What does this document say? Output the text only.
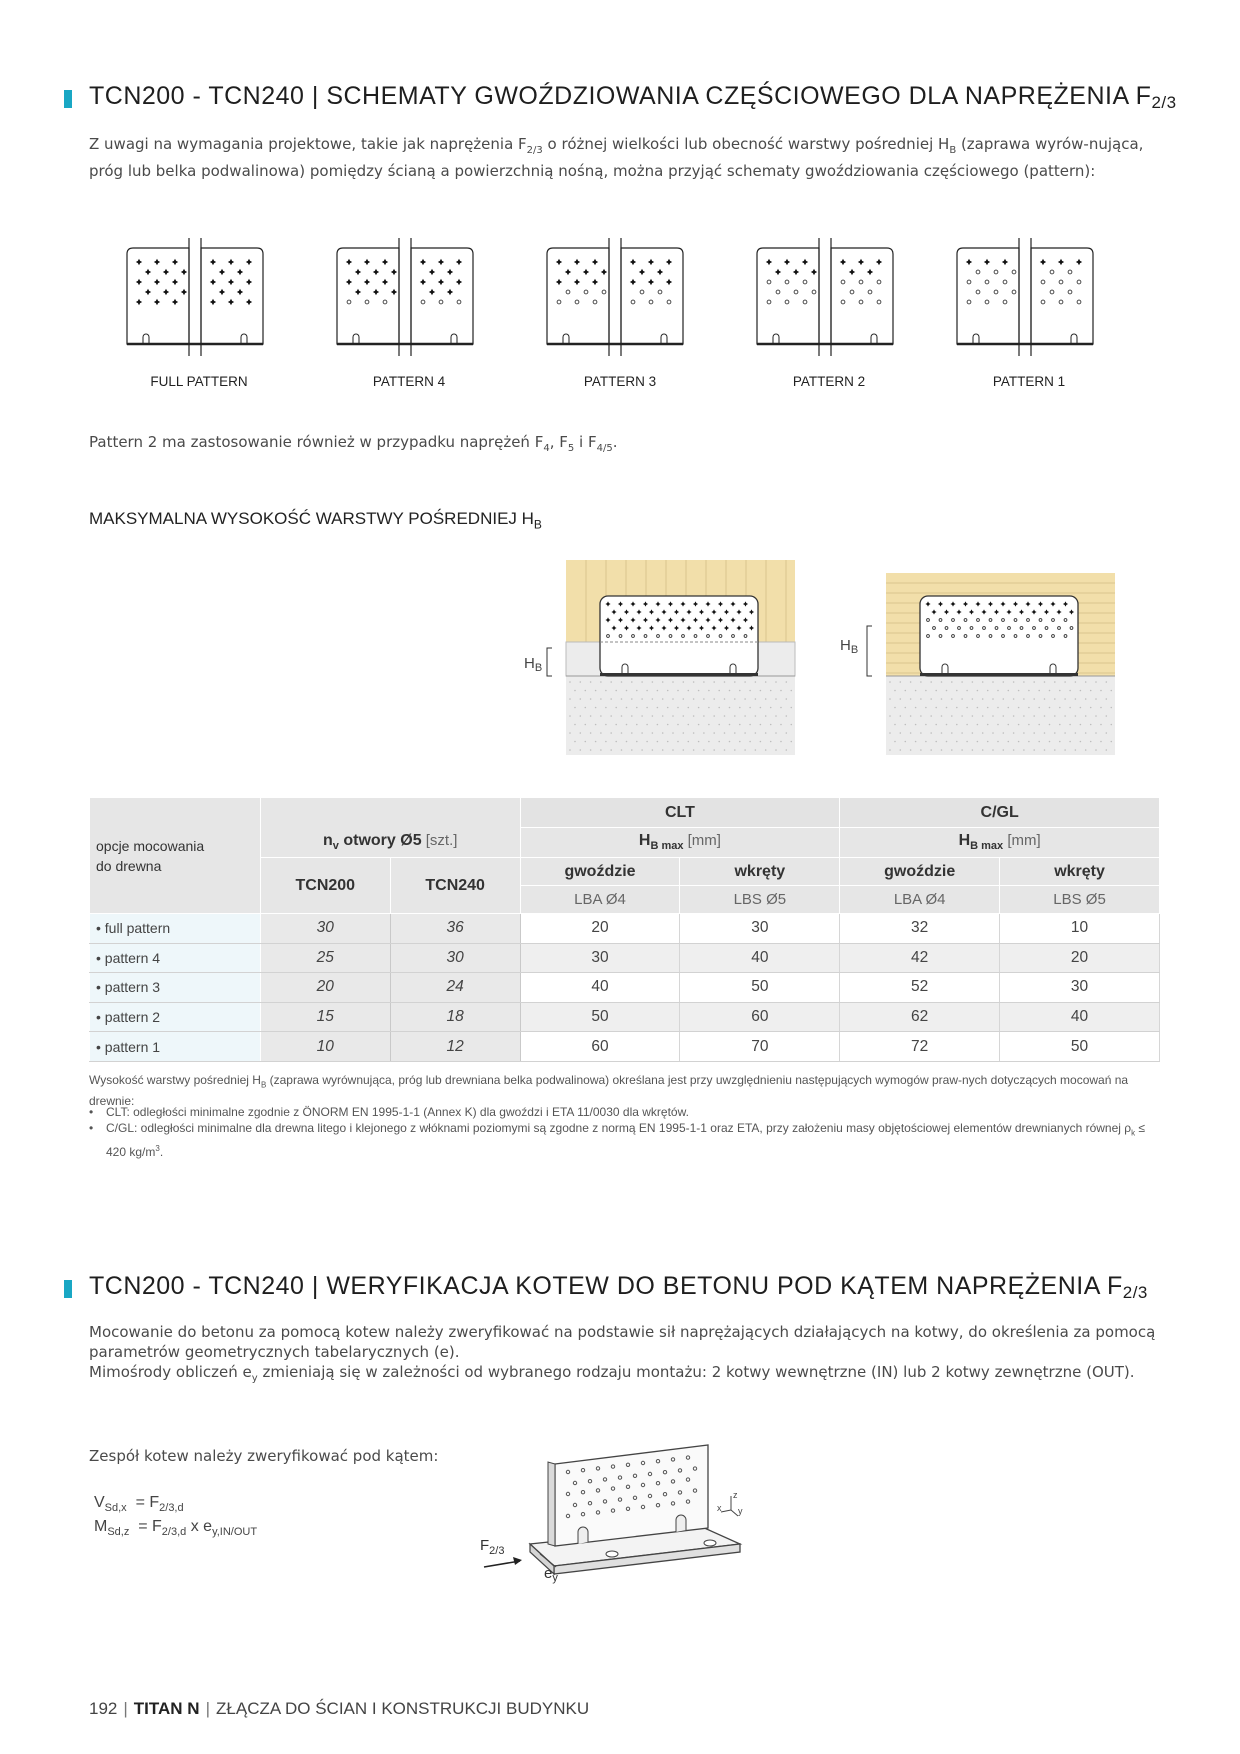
TCN200 - TCN240 | SCHEMATY GWOŹDZIOWANIA CZĘŚCIOWEGO DLA NAPRĘŻENIA $F_{2/3}$
Z uwagi na wymagania projektowe, takie jak naprężenia $F_{2/3}$ o różnej wielkości lub obecność warstwy pośredniej $H_B$ (zaprawa wyrów-nująca, próg lub belka podwalinowa) pomiędzy ścianą a powierzchnią nośną, można przyjąć schematy gwoździowania częściowego (pattern):
FULL PATTERN	PATTERN 4	PATTERN 3	PATTERN 2	PATTERN 1
Pattern 2 ma zastosowanie również w przypadku naprężeń $F_4$, $F_5$ i $F_{4/5}$.
MAKSYMALNA WYSOKOŚĆ WARSTWY POŚREDNIEJ $H_B$
$H_B$
$H_B$
opcje mocowania
do drewna	$n_v$ otwory Ø5 [szt.]		CLT		C/GL	
			$H_{B max}$ [mm]		$H_{B max}$ [mm]	
	TCN200	TCN240	gwoździe	wkręty	gwoździe	wkręty
			LBA Ø4	LBS Ø5	LBA Ø4	LBS Ø5
• full pattern	30	36	20	30	32	10
• pattern 4	25	30	30	40	42	20
• pattern 3	20	24	40	50	52	30
• pattern 2	15	18	50	60	62	40
• pattern 1	10	12	60	70	72	50
Wysokość warstwy pośredniej $H_B$ (zaprawa wyrównująca, próg lub drewniana belka podwalinowa) określana jest przy uwzględnieniu następujących wymogów praw-nych dotyczących mocowań na drewnie:
• CLT: odległości minimalne zgodnie z ÖNORM EN 1995-1-1 (Annex K) dla gwoździ i ETA 11/0030 dla wkrętów.
• C/GL: odległości minimalne dla drewna litego i klejonego z włóknami poziomymi są zgodne z normą EN 1995-1-1 oraz ETA, przy założeniu masy objętościowej elementów drewnianych równej $\rho_k \le 420$ $kg/m^3$.
TCN200 - TCN240 | WERYFIKACJA KOTEW DO BETONU POD KĄTEM NAPRĘŻENIA $F_{2/3}$
Mocowanie do betonu za pomocą kotew należy zweryfikować na podstawie sił naprężających działających na kotwy, do określenia za pomocą parametrów geometrycznych tabelarycznych (e).
Mimośrody obliczeń $e_y$ zmieniają się w zależności od wybranego rodzaju montażu: 2 kotwy wewnętrzne (IN) lub 2 kotwy zewnętrzne (OUT).
Zespół kotew należy zweryfikować pod kątem:
$V_{Sd,x} = F_{2/3,d}$
$M_{Sd,z} = F_{2/3,d}$ x $e_{y,IN/OUT}$
x
z
y
$F_{2/3}$
$e_y$
192 | TITAN N | ZŁĄCZA DO ŚCIAN I KONSTRUKCJI BUDYNKU
